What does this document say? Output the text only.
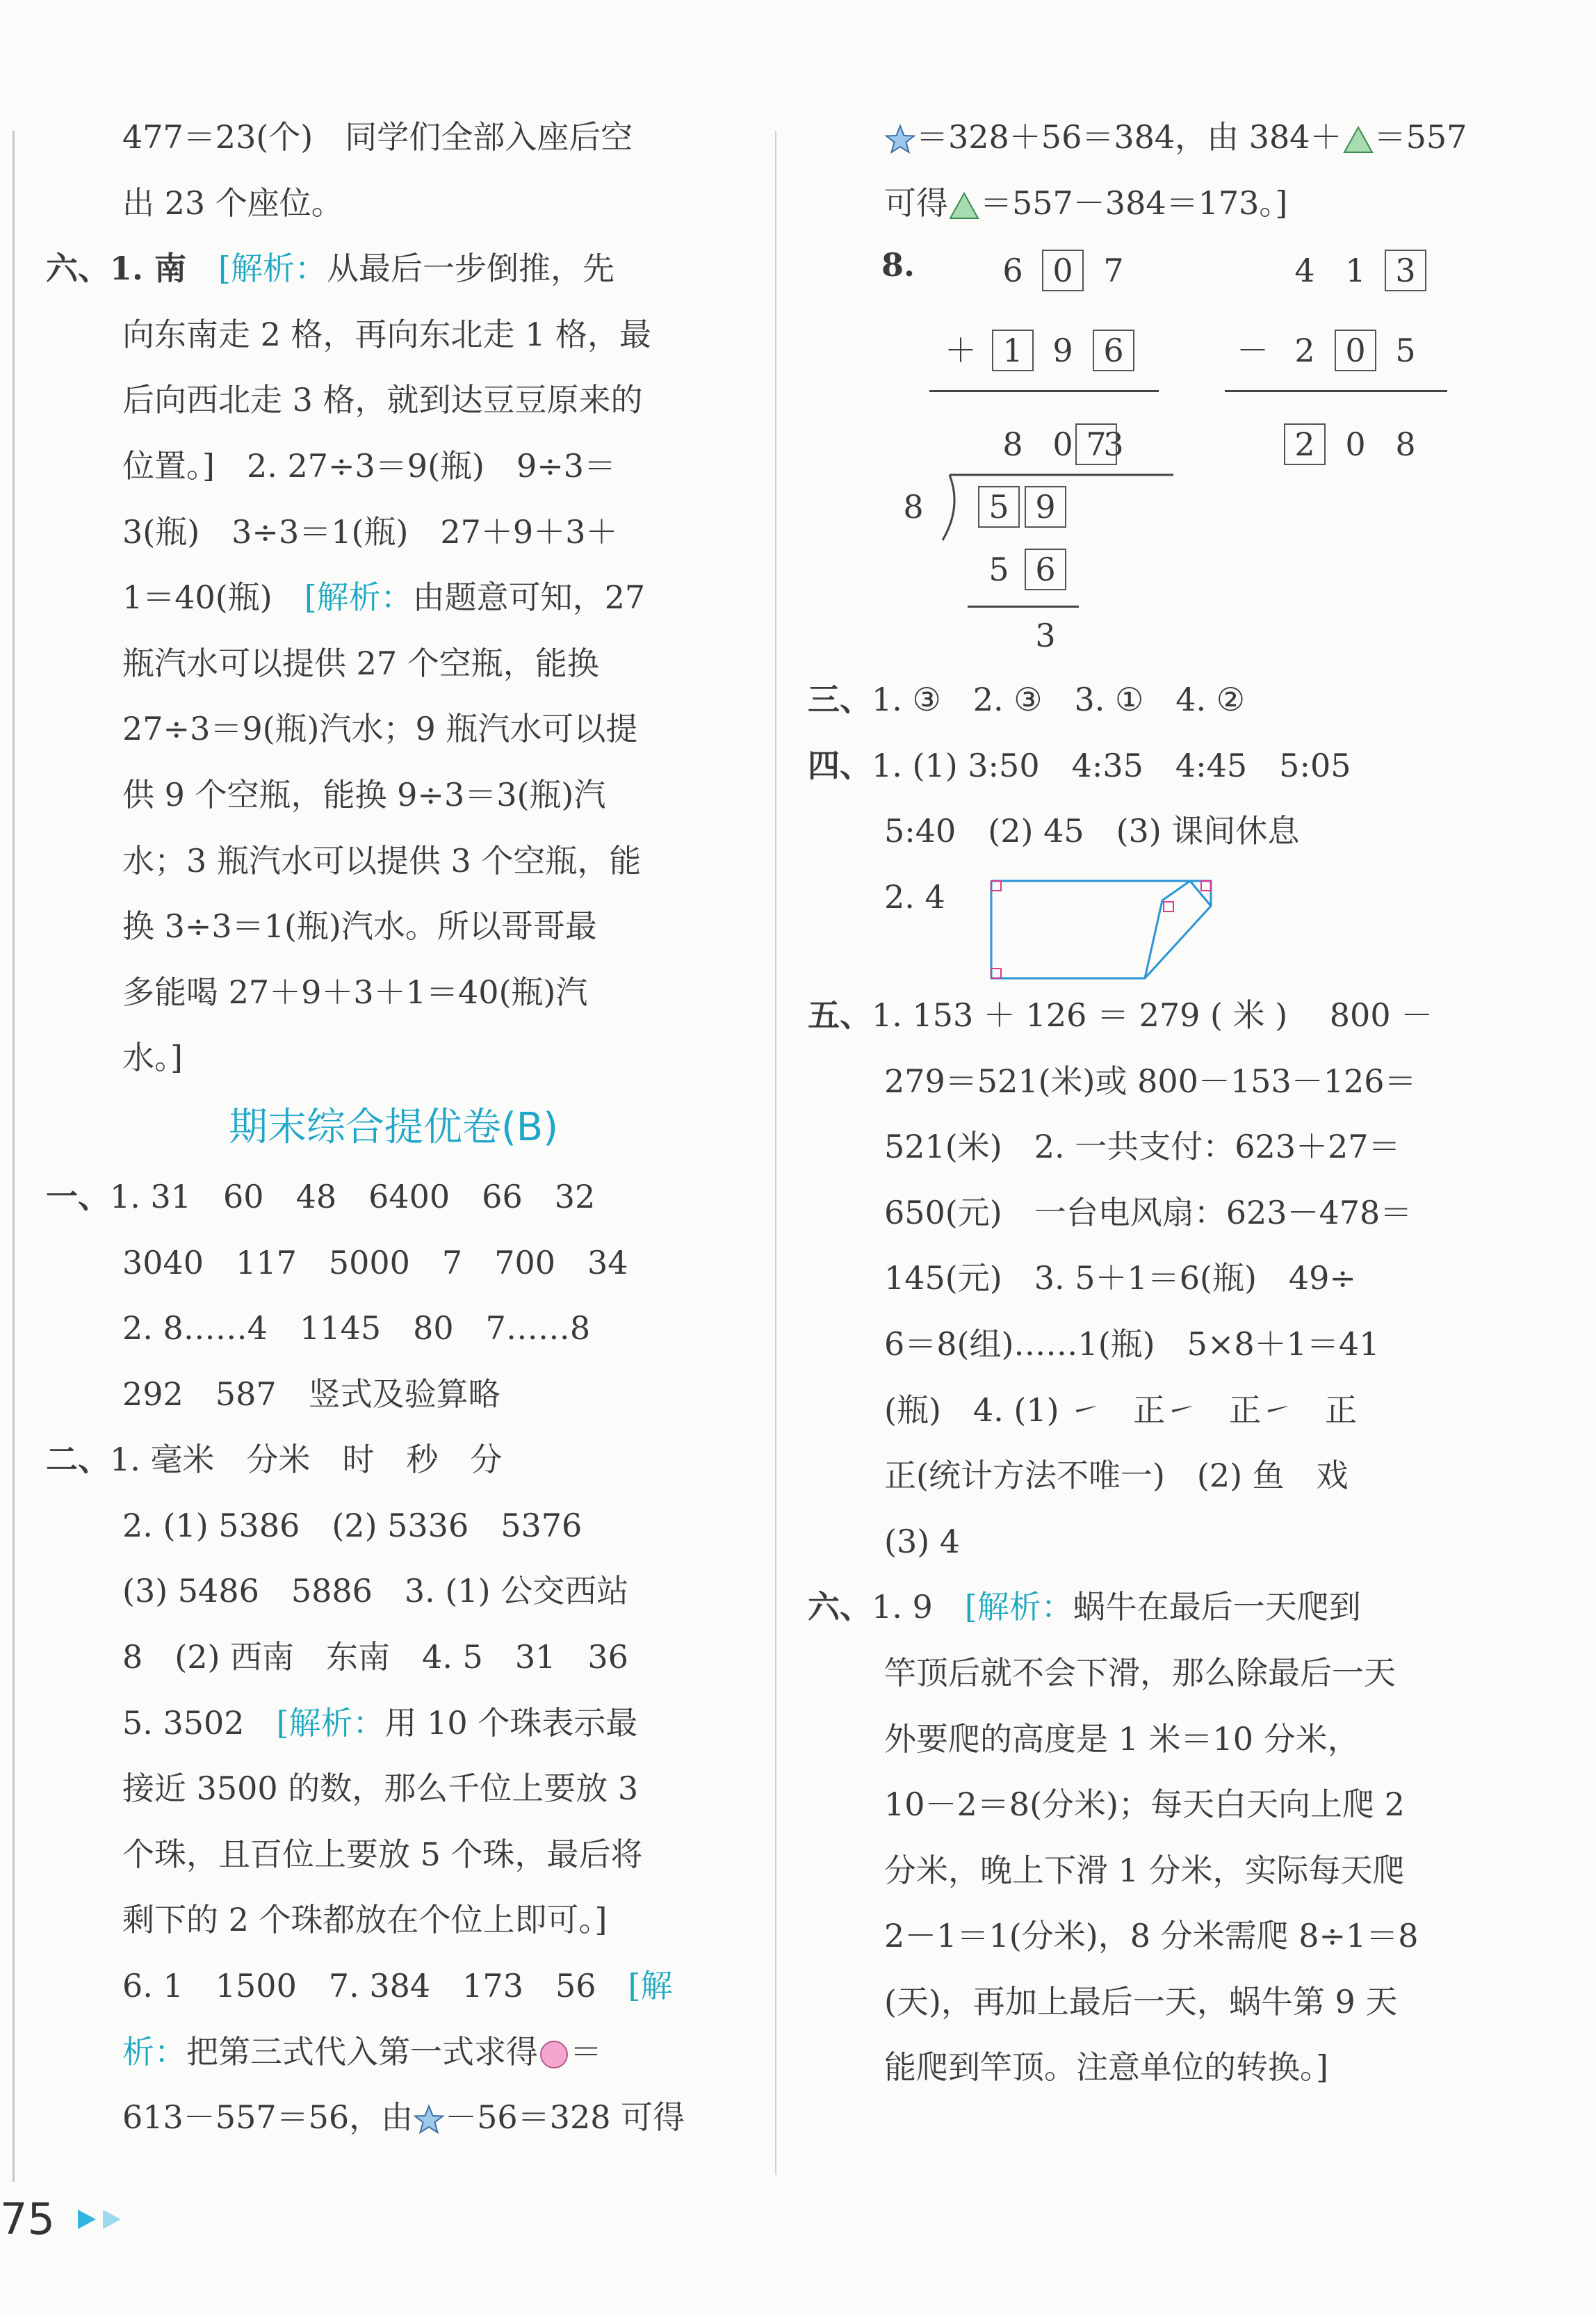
477＝23(个)　同学们全部入座后空
出 23 个座位。
六、1. 南　[解析：从最后一步倒推，先
向东南走 2 格，再向东北走 1 格，最
后向西北走 3 格，就到达豆豆原来的
位置。]　2. 27÷3＝9(瓶)　9÷3＝
3(瓶)　3÷3＝1(瓶)　27＋9＋3＋
1＝40(瓶)　[解析：由题意可知，27
瓶汽水可以提供 27 个空瓶，能换
27÷3＝9(瓶)汽水；9 瓶汽水可以提
供 9 个空瓶，能换 9÷3＝3(瓶)汽
水；3 瓶汽水可以提供 3 个空瓶，能
换 3÷3＝1(瓶)汽水。所以哥哥最
多能喝 27＋9＋3＋1＝40(瓶)汽
水。]
期末综合提优卷(B)
一、1. 31　60　48　6400　66　32
3040　117　5000　7　700　34
2. 8……4　1145　80　7……8
292　587　竖式及验算略
二、1. 毫米　分米　时　秒　分
2. (1) 5386　(2) 5336　5376
(3) 5486　5886　3. (1) 公交西站
8　(2) 西南　东南　4. 5　31　36
5. 3502　[解析：用 10 个珠表示最
接近 3500 的数，那么千位上要放 3
个珠，且百位上要放 5 个珠，最后将
剩下的 2 个珠都放在个位上即可。]
6. 1　1500　7. 384　173　56　[解
析：把第三式代入第一式求得 ＝
613－557＝56，由 －56＝328 可得
＝328＋56＝384，由 384＋ ＝557
可得 ＝557－384＝173。]
8.	6 0 7
＋ 1 9 6
8 0 3
4 1 3
－ 2 0 5
2 0 8
7
8	5 9
5 6
3
三、1. ③　2. ③　3. ①　4. ②
四、1. (1) 3:50　4:35　4:45　5:05
5:40　(2) 45　(3) 课间休息
2. 4
五、1. 153 ＋ 126 ＝ 279 ( 米 )　 800 －
279＝521(米)或 800－153－126＝
521(米)　2. 一共支付：623＋27＝
650(元)　一台电风扇：623－478＝
145(元)　3. 5＋1＝6(瓶)　49÷
6＝8(组)……1(瓶)　5×8＋1＝41
(瓶)　4. (1) ㇀　正㇀　正㇀　正
正(统计方法不唯一)　(2) 鱼　戏
(3) 4
六、1. 9　[解析：蜗牛在最后一天爬到
竿顶后就不会下滑，那么除最后一天
外要爬的高度是 1 米＝10 分米，
10－2＝8(分米)；每天白天向上爬 2
分米，晚上下滑 1 分米，实际每天爬
2－1＝1(分米)，8 分米需爬 8÷1＝8
(天)，再加上最后一天，蜗牛第 9 天
能爬到竿顶。注意单位的转换。]
75
